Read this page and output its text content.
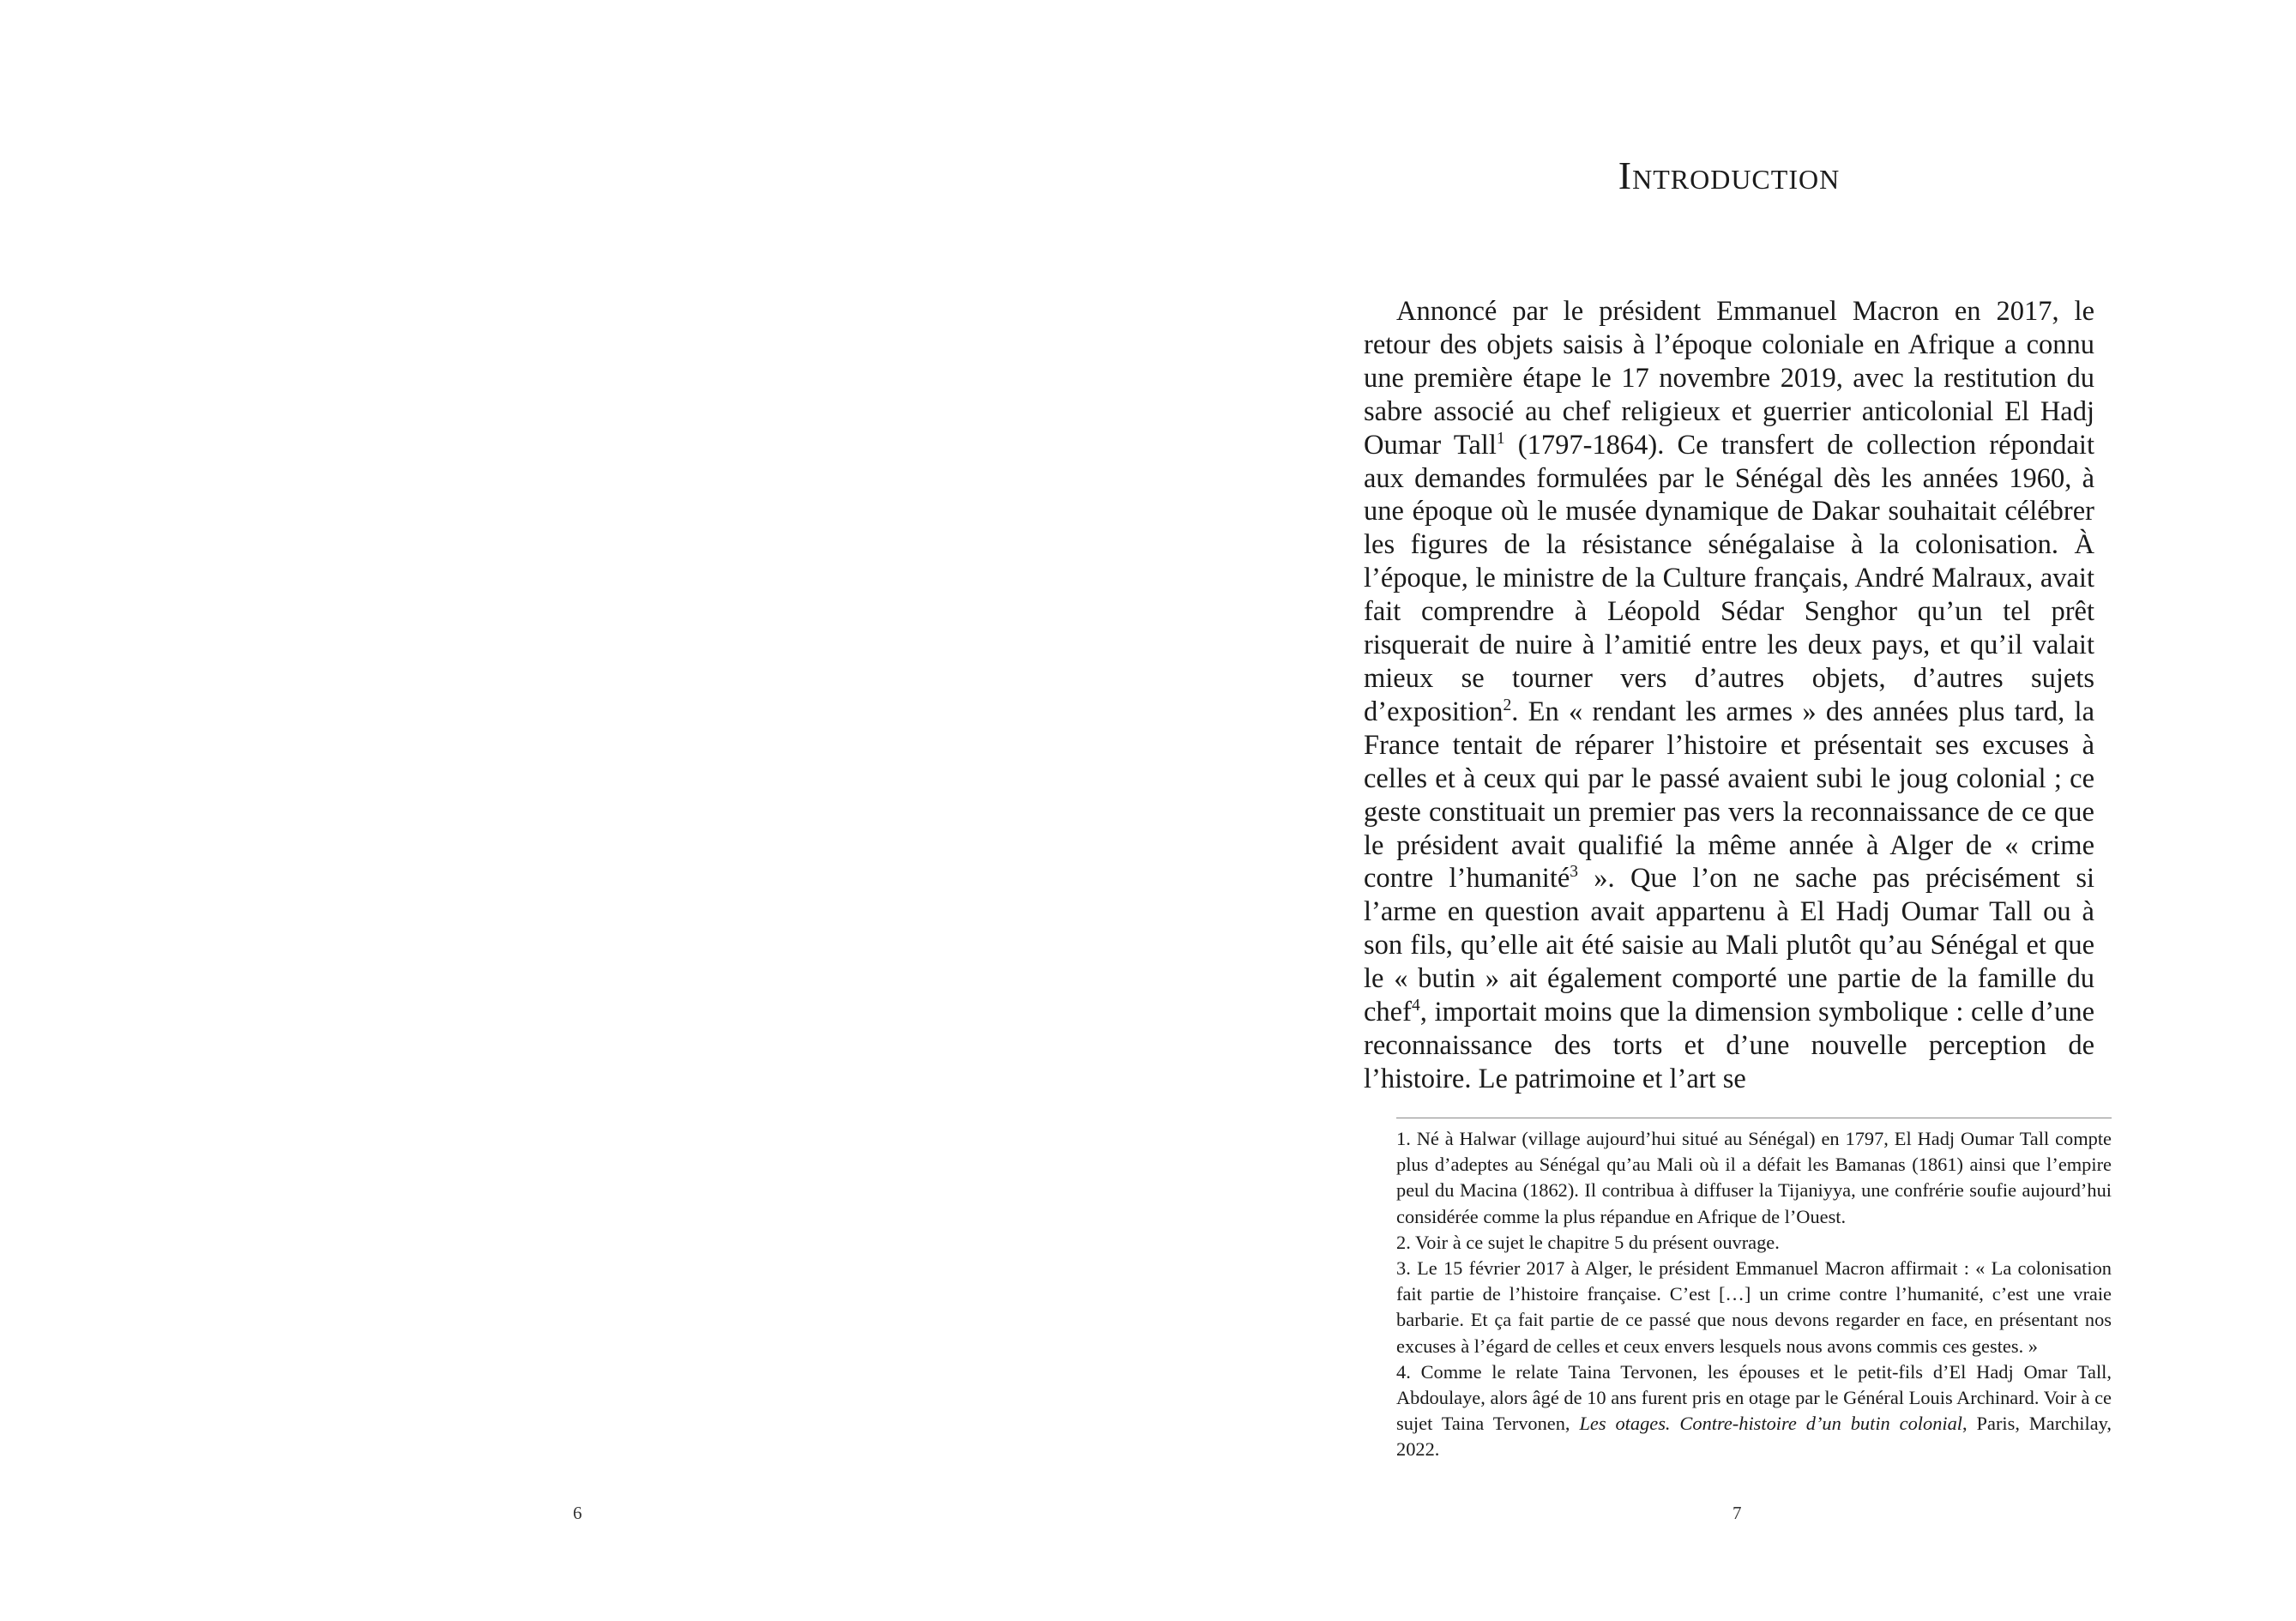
Introduction

Annoncé par le président Emmanuel Macron en 2017, le retour des objets saisis à l’époque coloniale en Afrique a connu une première étape le 17 novembre 2019, avec la restitution du sabre associé au chef religieux et guerrier anticolonial El Hadj Oumar Tall$^1$ (1797-1864). Ce transfert de collection répondait aux demandes formulées par le Sénégal dès les années 1960, à une époque où le musée dynamique de Dakar souhaitait célébrer les figures de la résistance sénégalaise à la colonisation. À l’époque, le ministre de la Culture français, André Malraux, avait fait comprendre à Léopold Sédar Senghor qu’un tel prêt risquerait de nuire à l’amitié entre les deux pays, et qu’il valait mieux se tourner vers d’autres objets, d’autres sujets d’exposition$^2$. En « rendant les armes » des années plus tard, la France tentait de réparer l’histoire et présentait ses excuses à celles et à ceux qui par le passé avaient subi le joug colonial ; ce geste constituait un premier pas vers la reconnaissance de ce que le président avait qualifié la même année à Alger de « crime contre l’humanité$^3$ ». Que l’on ne sache pas précisément si l’arme en question avait appartenu à El Hadj Oumar Tall ou à son fils, qu’elle ait été saisie au Mali plutôt qu’au Sénégal et que le « butin » ait également comporté une partie de la famille du chef$^4$, importait moins que la dimension symbolique : celle d’une reconnaissance des torts et d’une nouvelle perception de l’histoire. Le patrimoine et l’art se

1. Né à Halwar (village aujourd’hui situé au Sénégal) en 1797, El Hadj Oumar Tall compte plus d’adeptes au Sénégal qu’au Mali où il a défait les Bamanas (1861) ainsi que l’empire peul du Macina (1862). Il contribua à diffuser la Tijaniyya, une confrérie soufie aujourd’hui considérée comme la plus répandue en Afrique de l’Ouest.

2. Voir à ce sujet le chapitre 5 du présent ouvrage.

3. Le 15 février 2017 à Alger, le président Emmanuel Macron affirmait : « La colonisation fait partie de l’histoire française. C’est […] un crime contre l’humanité, c’est une vraie barbarie. Et ça fait partie de ce passé que nous devons regarder en face, en présentant nos excuses à l’égard de celles et ceux envers lesquels nous avons commis ces gestes. »

4. Comme le relate Taina Tervonen, les épouses et le petit-fils d’El Hadj Omar Tall, Abdoulaye, alors âgé de 10 ans furent pris en otage par le Général Louis Archinard. Voir à ce sujet Taina Tervonen, Les otages. Contre-histoire d’un butin colonial, Paris, Marchilay, 2022.

6	7
